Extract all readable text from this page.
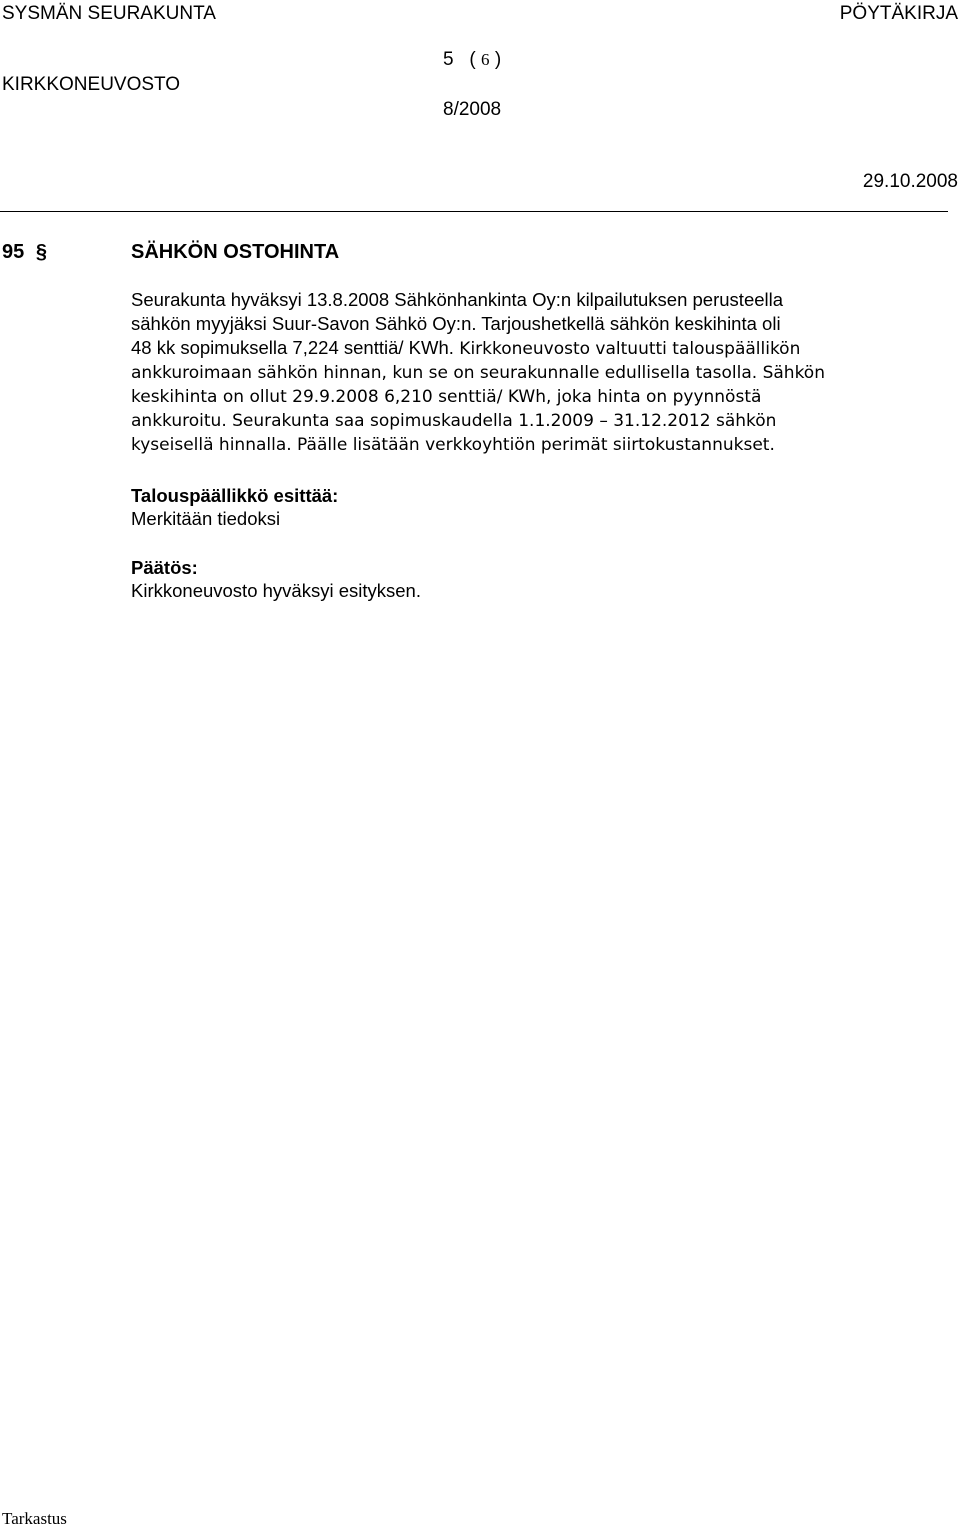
SYSMÄN SEURAKUNTA	PÖYTÄKIRJA
KIRKKONEUVOSTO
5 ( 6 )
8/2008
29.10.2008
95 §	SÄHKÖN OSTOHINTA
Seurakunta hyväksyi 13.8.2008 Sähkönhankinta Oy:n kilpailutuksen perusteella
sähkön myyjäksi Suur-Savon Sähkö Oy:n. Tarjoushetkellä sähkön keskihinta oli
48 kk sopimuksella 7,224 senttiä/ KWh. Kirkkoneuvosto valtuutti talouspäällikön
ankkuroimaan sähkön hinnan, kun se on seurakunnalle edullisella tasolla. Sähkön
keskihinta on ollut 29.9.2008 6,210 senttiä/ KWh, joka hinta on pyynnöstä
ankkuroitu. Seurakunta saa sopimuskaudella 1.1.2009 – 31.12.2012 sähkön
kyseisellä hinnalla. Päälle lisätään verkkoyhtiön perimät siirtokustannukset.
Talouspäällikkö esittää:
Merkitään tiedoksi
Päätös:
Kirkkoneuvosto hyväksyi esityksen.
Tarkastus
